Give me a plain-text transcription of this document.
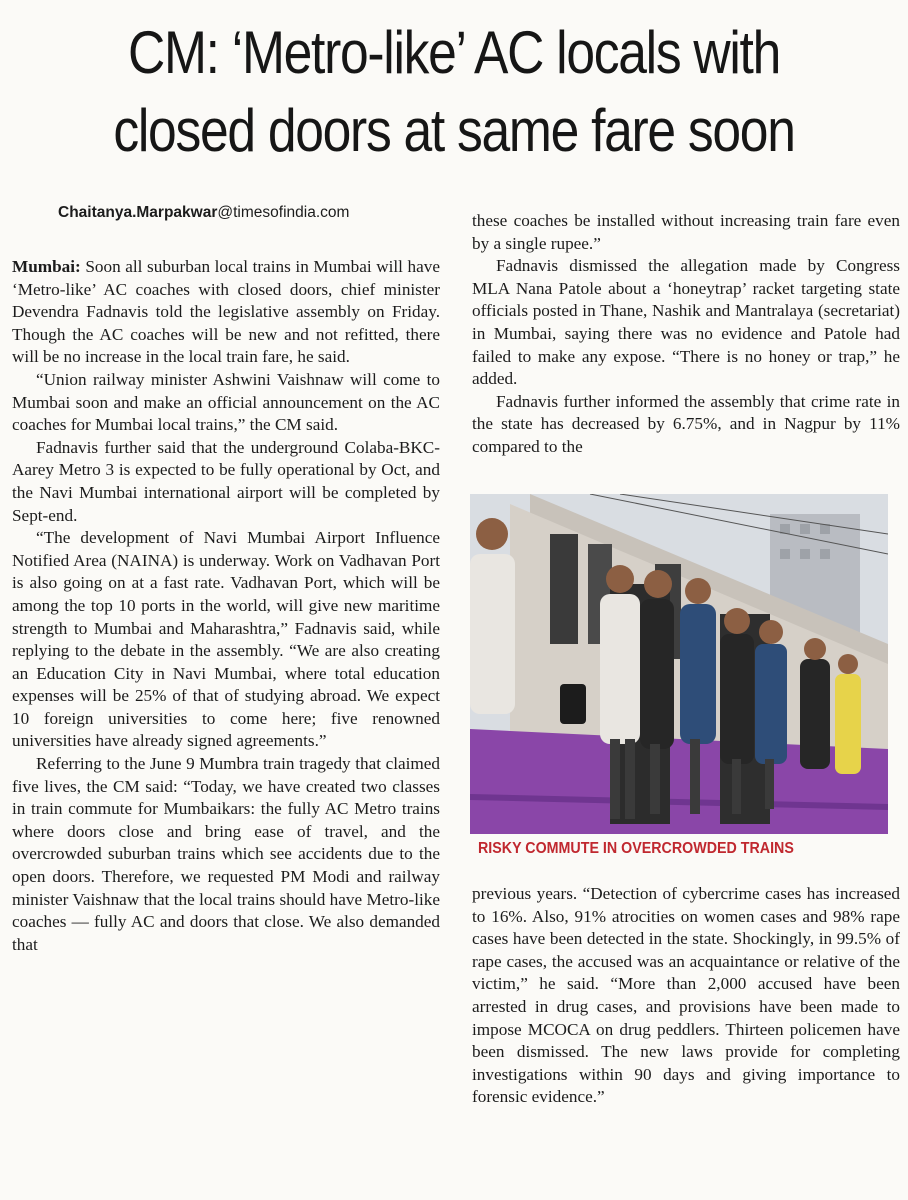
CM: ‘Metro-like’ AC locals with
closed doors at same fare soon
Chaitanya.Marpakwar@timesofindia.com

Mumbai: Soon all suburban local trains in Mumbai will have ‘Metro-like’ AC coaches with closed doors, chief minister Devendra Fadnavis told the legislative assembly on Friday. Though the AC coaches will be new and not refitted, there will be no increase in the local train fare, he said.

“Union railway minister Ashwini Vaishnaw will come to Mumbai soon and make an official announcement on the AC coaches for Mumbai local trains,” the CM said.

Fadnavis further said that the underground Colaba-BKC-Aarey Metro 3 is expected to be fully operational by Oct, and the Navi Mumbai international airport will be completed by Sept-end.

“The development of Navi Mumbai Airport Influence Notified Area (NAINA) is underway. Work on Vadhavan Port is also going on at a fast rate. Vadhavan Port, which will be among the top 10 ports in the world, will give new maritime strength to Mumbai and Maharashtra,” Fadnavis said, while replying to the debate in the assembly. “We are also creating an Education City in Navi Mumbai, where total education expenses will be 25% of that of studying abroad. We expect 10 foreign universities to come here; five renowned universities have already signed agreements.”

Referring to the June 9 Mumbra train tragedy that claimed five lives, the CM said: “Today, we have created two classes in train commute for Mumbaikars: the fully AC Metro trains where doors close and bring ease of travel, and the overcrowded suburban trains which see accidents due to the open doors. Therefore, we requested PM Modi and railway minister Vaishnaw that the local trains should have Metro-like coaches — fully AC and doors that close. We also demanded that

these coaches be installed without increasing train fare even by a single rupee.”

Fadnavis dismissed the allegation made by Congress MLA Nana Patole about a ‘honeytrap’ racket targeting state officials posted in Thane, Nashik and Mantralaya (secretariat) in Mumbai, saying there was no evidence and Patole had failed to make any expose. “There is no honey or trap,” he added.

Fadnavis further informed the assembly that crime rate in the state has decreased by 6.75%, and in Nagpur by 11% compared to the

RISKY COMMUTE IN OVERCROWDED TRAINS

previous years. “Detection of cybercrime cases has increased to 16%. Also, 91% atrocities on women cases and 98% rape cases have been detected in the state. Shockingly, in 99.5% of rape cases, the accused was an acquaintance or relative of the victim,” he said. “More than 2,000 accused have been arrested in drug cases, and provisions have been made to impose MCOCA on drug peddlers. Thirteen policemen have been dismissed. The new laws provide for completing investigations within 90 days and giving importance to forensic evidence.”
